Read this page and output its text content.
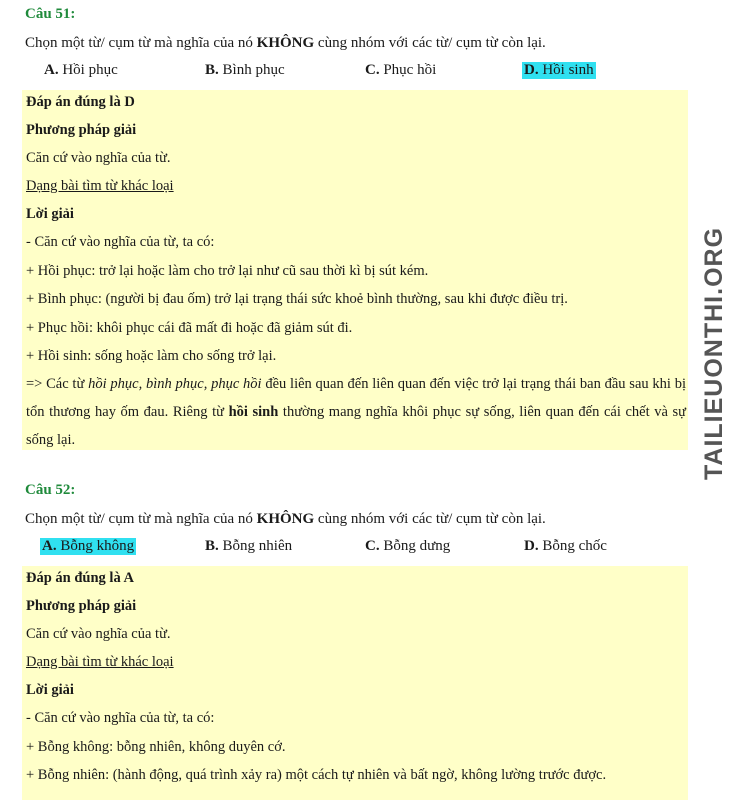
TAILIEUONTHI.ORG
Câu 51:
Chọn một từ/ cụm từ mà nghĩa của nó KHÔNG cùng nhóm với các từ/ cụm từ còn lại.
A. Hồi phục	B. Bình phục	C. Phục hồi	D. Hồi sinh
Đáp án đúng là D
Phương pháp giải
Căn cứ vào nghĩa của từ.
Dạng bài tìm từ khác loại
Lời giải
- Căn cứ vào nghĩa của từ, ta có:
+ Hồi phục: trở lại hoặc làm cho trở lại như cũ sau thời kì bị sút kém.
+ Bình phục: (người bị đau ốm) trở lại trạng thái sức khoẻ bình thường, sau khi được điều trị.
+ Phục hồi: khôi phục cái đã mất đi hoặc đã giảm sút đi.
+ Hồi sinh: sống hoặc làm cho sống trở lại.
=> Các từ hồi phục, bình phục, phục hồi đều liên quan đến liên quan đến việc trở lại trạng thái ban đầu sau khi bị tổn thương hay ốm đau. Riêng từ hồi sinh thường mang nghĩa khôi phục sự sống, liên quan đến cái chết và sự sống lại.
Câu 52:
Chọn một từ/ cụm từ mà nghĩa của nó KHÔNG cùng nhóm với các từ/ cụm từ còn lại.
A. Bỗng không	B. Bỗng nhiên	C. Bỗng dưng	D. Bỗng chốc
Đáp án đúng là A
Phương pháp giải
Căn cứ vào nghĩa của từ.
Dạng bài tìm từ khác loại
Lời giải
- Căn cứ vào nghĩa của từ, ta có:
+ Bỗng không: bỗng nhiên, không duyên cớ.
+ Bỗng nhiên: (hành động, quá trình xảy ra) một cách tự nhiên và bất ngờ, không lường trước được.
